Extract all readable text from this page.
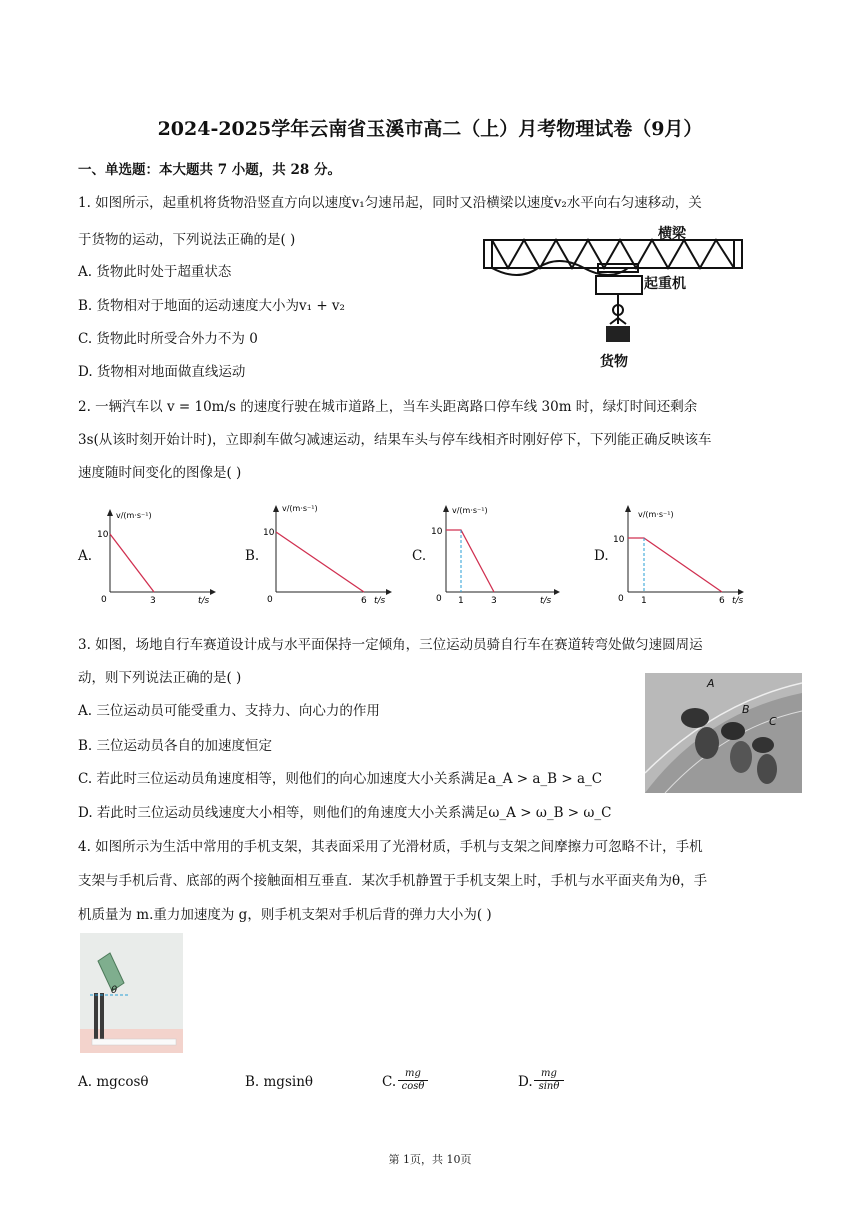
2024-2025学年云南省玉溪市高二（上）月考物理试卷（9月）
一、单选题：本大题共 7 小题，共 28 分。
1. 如图所示，起重机将货物沿竖直方向以速度v₁匀速吊起，同时又沿横梁以速度v₂水平向右匀速移动，关
于货物的运动，下列说法正确的是( )
A. 货物此时处于超重状态
B. 货物相对于地面的运动速度大小为v₁ + v₂
C. 货物此时所受合外力不为 0
D. 货物相对地面做直线运动
横梁
起重机
货物
2. 一辆汽车以 v = 10m/s 的速度行驶在城市道路上，当车头距离路口停车线 30m 时，绿灯时间还剩余
3s(从该时刻开始计时)，立即刹车做匀减速运动，结果车头与停车线相齐时刚好停下，下列能正确反映该车
速度随时间变化的图像是( )
A.	B.	C.	D.
v/(m·s⁻¹)
10
0	3	t/s
v/(m·s⁻¹)
10
0	6 t/s
v/(m·s⁻¹)
10
0 1	3	t/s
v/(m·s⁻¹)
10
0 1	6 t/s
3. 如图，场地自行车赛道设计成与水平面保持一定倾角，三位运动员骑自行车在赛道转弯处做匀速圆周运
动，则下列说法正确的是( )
A. 三位运动员可能受重力、支持力、向心力的作用
B. 三位运动员各自的加速度恒定
C. 若此时三位运动员角速度相等，则他们的向心加速度大小关系满足a_A > a_B > a_C
D. 若此时三位运动员线速度大小相等，则他们的角速度大小关系满足ω_A > ω_B > ω_C
A
B
C
4. 如图所示为生活中常用的手机支架，其表面采用了光滑材质，手机与支架之间摩擦力可忽略不计，手机
支架与手机后背、底部的两个接触面相互垂直．某次手机静置于手机支架上时，手机与水平面夹角为θ，手
机质量为 m.重力加速度为 g，则手机支架对手机后背的弹力大小为( )
θ
A. mgcosθ	B. mgsinθ	C.
mg
cosθ	D.
mg
sinθ
第 1页，共 10页
